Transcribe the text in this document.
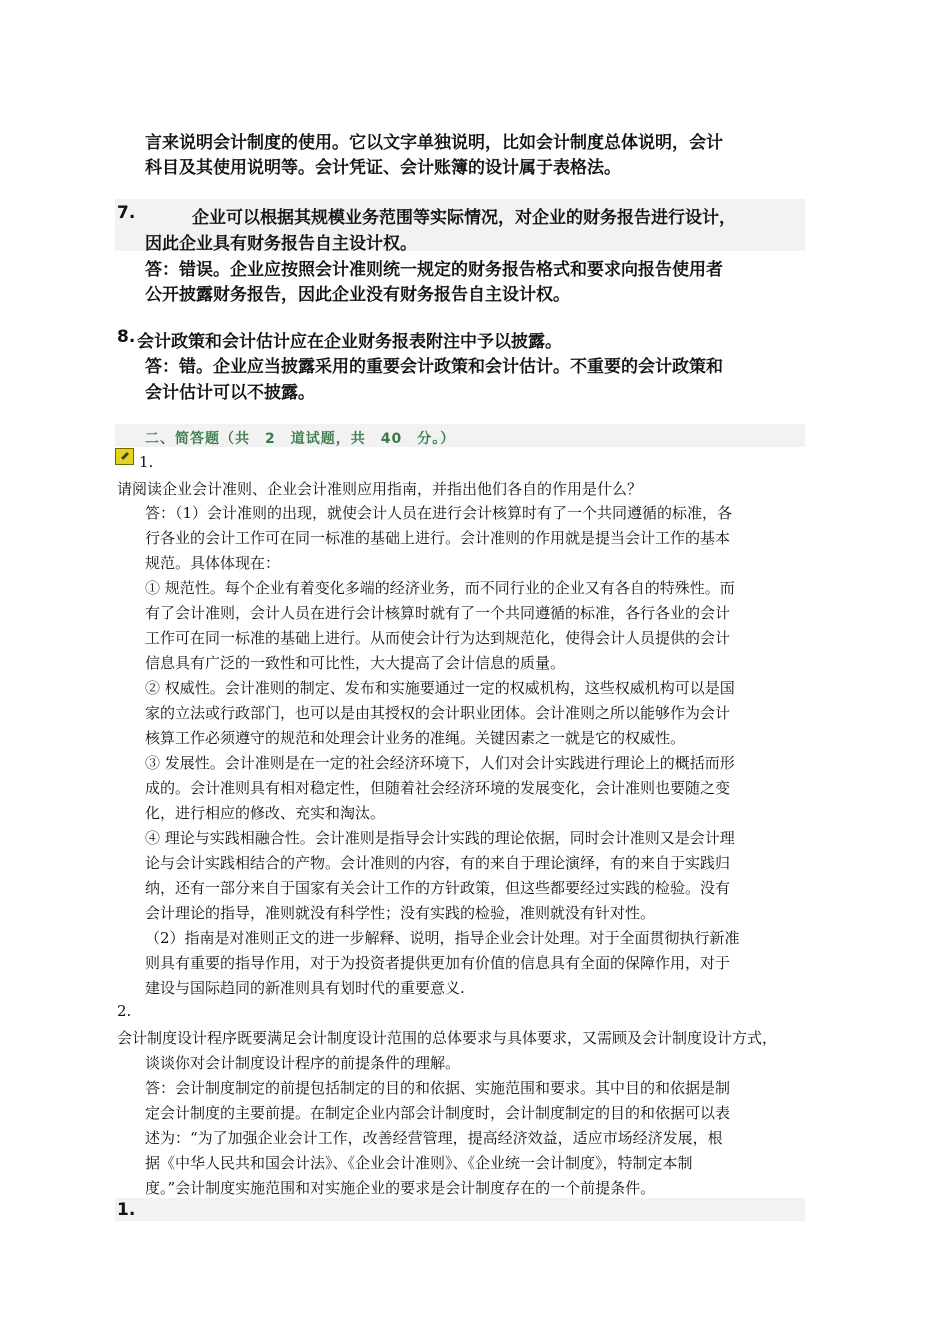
言来说明会计制度的使用。它以文字单独说明，比如会计制度总体说明，会计
科目及其使用说明等。会计凭证、会计账簿的设计属于表格法。
7.	企业可以根据其规模业务范围等实际情况，对企业的财务报告进行设计，
因此企业具有财务报告自主设计权。
答：错误。企业应按照会计准则统一规定的财务报告格式和要求向报告使用者
公开披露财务报告，因此企业没有财务报告自主设计权。
8. 会计政策和会计估计应在企业财务报表附注中予以披露。
答：错。企业应当披露采用的重要会计政策和会计估计。不重要的会计政策和
会计估计可以不披露。
二、简答题（共　2　道试题，共　40　分。）
1.
请阅读企业会计准则、企业会计准则应用指南，并指出他们各自的作用是什么？
答：（1）会计准则的出现，就使会计人员在进行会计核算时有了一个共同遵循的标准，各
行各业的会计工作可在同一标准的基础上进行。会计准则的作用就是提当会计工作的基本
规范。具体体现在：
① 规范性。每个企业有着变化多端的经济业务，而不同行业的企业又有各自的特殊性。而
有了会计准则，会计人员在进行会计核算时就有了一个共同遵循的标准，各行各业的会计
工作可在同一标准的基础上进行。从而使会计行为达到规范化，使得会计人员提供的会计
信息具有广泛的一致性和可比性，大大提高了会计信息的质量。
② 权威性。会计准则的制定、发布和实施要通过一定的权威机构，这些权威机构可以是国
家的立法或行政部门，也可以是由其授权的会计职业团体。会计准则之所以能够作为会计
核算工作必须遵守的规范和处理会计业务的准绳。关键因素之一就是它的权威性。
③ 发展性。会计准则是在一定的社会经济环境下，人们对会计实践进行理论上的概括而形
成的。会计准则具有相对稳定性，但随着社会经济环境的发展变化，会计准则也要随之变
化，进行相应的修改、充实和淘汰。
④ 理论与实践相融合性。会计准则是指导会计实践的理论依据，同时会计准则又是会计理
论与会计实践相结合的产物。会计准则的内容，有的来自于理论演绎，有的来自于实践归
纳，还有一部分来自于国家有关会计工作的方针政策，但这些都要经过实践的检验。没有
会计理论的指导，准则就没有科学性；没有实践的检验，准则就没有针对性。
（2）指南是对准则正文的进一步解释、说明，指导企业会计处理。对于全面贯彻执行新准
则具有重要的指导作用，对于为投资者提供更加有价值的信息具有全面的保障作用，对于
建设与国际趋同的新准则具有划时代的重要意义.
2.
会计制度设计程序既要满足会计制度设计范围的总体要求与具体要求，又需顾及会计制度设计方式，
谈谈你对会计制度设计程序的前提条件的理解。
答：会计制度制定的前提包括制定的目的和依据、实施范围和要求。其中目的和依据是制
定会计制度的主要前提。在制定企业内部会计制度时，会计制度制定的目的和依据可以表
述为：“为了加强企业会计工作，改善经营管理，提高经济效益，适应市场经济发展，根
据《中华人民共和国会计法》、《企业会计准则》、《企业统一会计制度》，特制定本制
度。”会计制度实施范围和对实施企业的要求是会计制度存在的一个前提条件。
1.
